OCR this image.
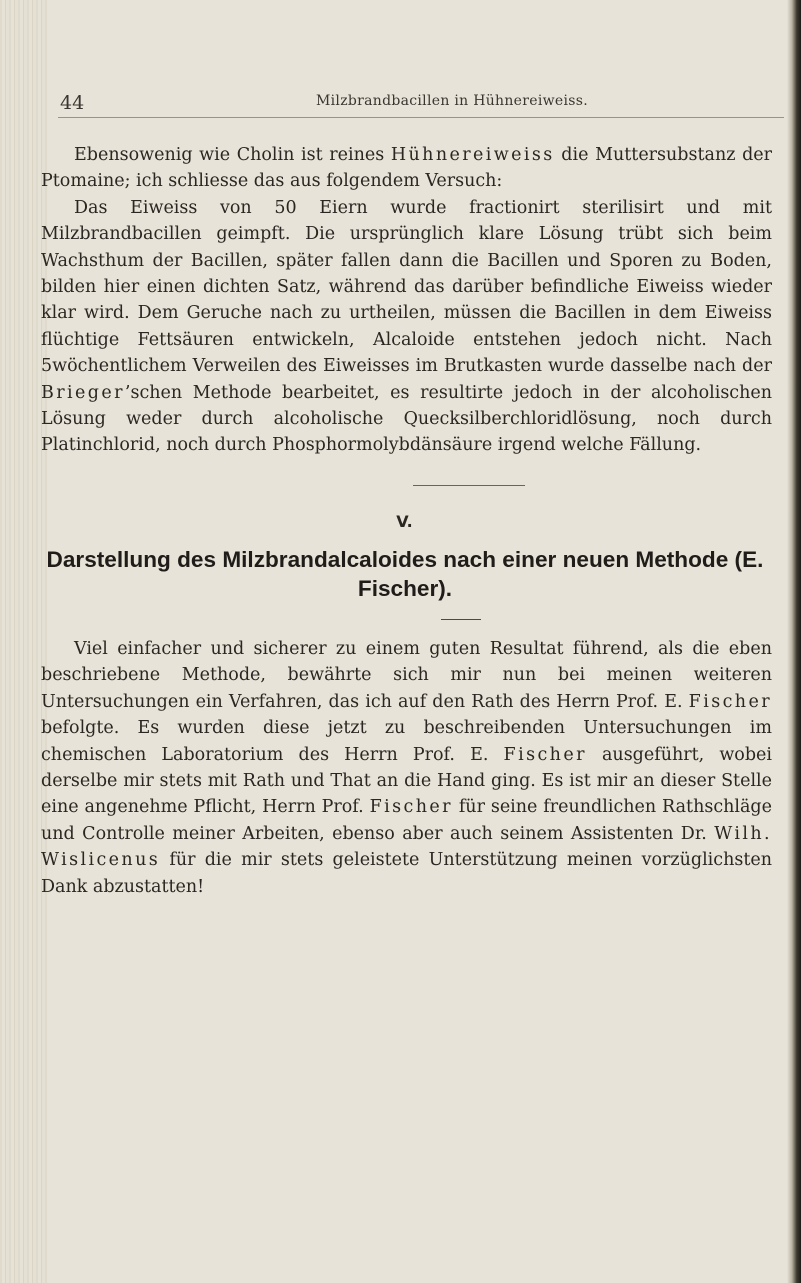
44	Milzbrandbacillen in Hühnereiweiss.

Ebensowenig wie Cholin ist reines Hühnereiweiss die Muttersubstanz der Ptomaine; ich schliesse das aus folgendem Versuch:

Das Eiweiss von 50 Eiern wurde fractionirt sterilisirt und mit Milzbrandbacillen geimpft. Die ursprünglich klare Lösung trübt sich beim Wachsthum der Bacillen, später fallen dann die Bacillen und Sporen zu Boden, bilden hier einen dichten Satz, während das darüber befindliche Eiweiss wieder klar wird. Dem Geruche nach zu urtheilen, müssen die Bacillen in dem Eiweiss flüchtige Fettsäuren entwickeln, Alcaloide entstehen jedoch nicht. Nach 5wöchentlichem Verweilen des Eiweisses im Brutkasten wurde dasselbe nach der Brieger’schen Methode bearbeitet, es resultirte jedoch in der alcoholischen Lösung weder durch alcoholische Quecksilberchloridlösung, noch durch Platinchlorid, noch durch Phosphormolybdänsäure irgend welche Fällung.

V.
Darstellung des Milzbrandalcaloides nach einer neuen Methode (E. Fischer).

Viel einfacher und sicherer zu einem guten Resultat führend, als die eben beschriebene Methode, bewährte sich mir nun bei meinen weiteren Untersuchungen ein Verfahren, das ich auf den Rath des Herrn Prof. E. Fischer befolgte. Es wurden diese jetzt zu beschreibenden Untersuchungen im chemischen Laboratorium des Herrn Prof. E. Fischer ausgeführt, wobei derselbe mir stets mit Rath und That an die Hand ging. Es ist mir an dieser Stelle eine angenehme Pflicht, Herrn Prof. Fischer für seine freundlichen Rathschläge und Controlle meiner Arbeiten, ebenso aber auch seinem Assistenten Dr. Wilh. Wislicenus für die mir stets geleistete Unterstützung meinen vorzüglichsten Dank abzustatten!
